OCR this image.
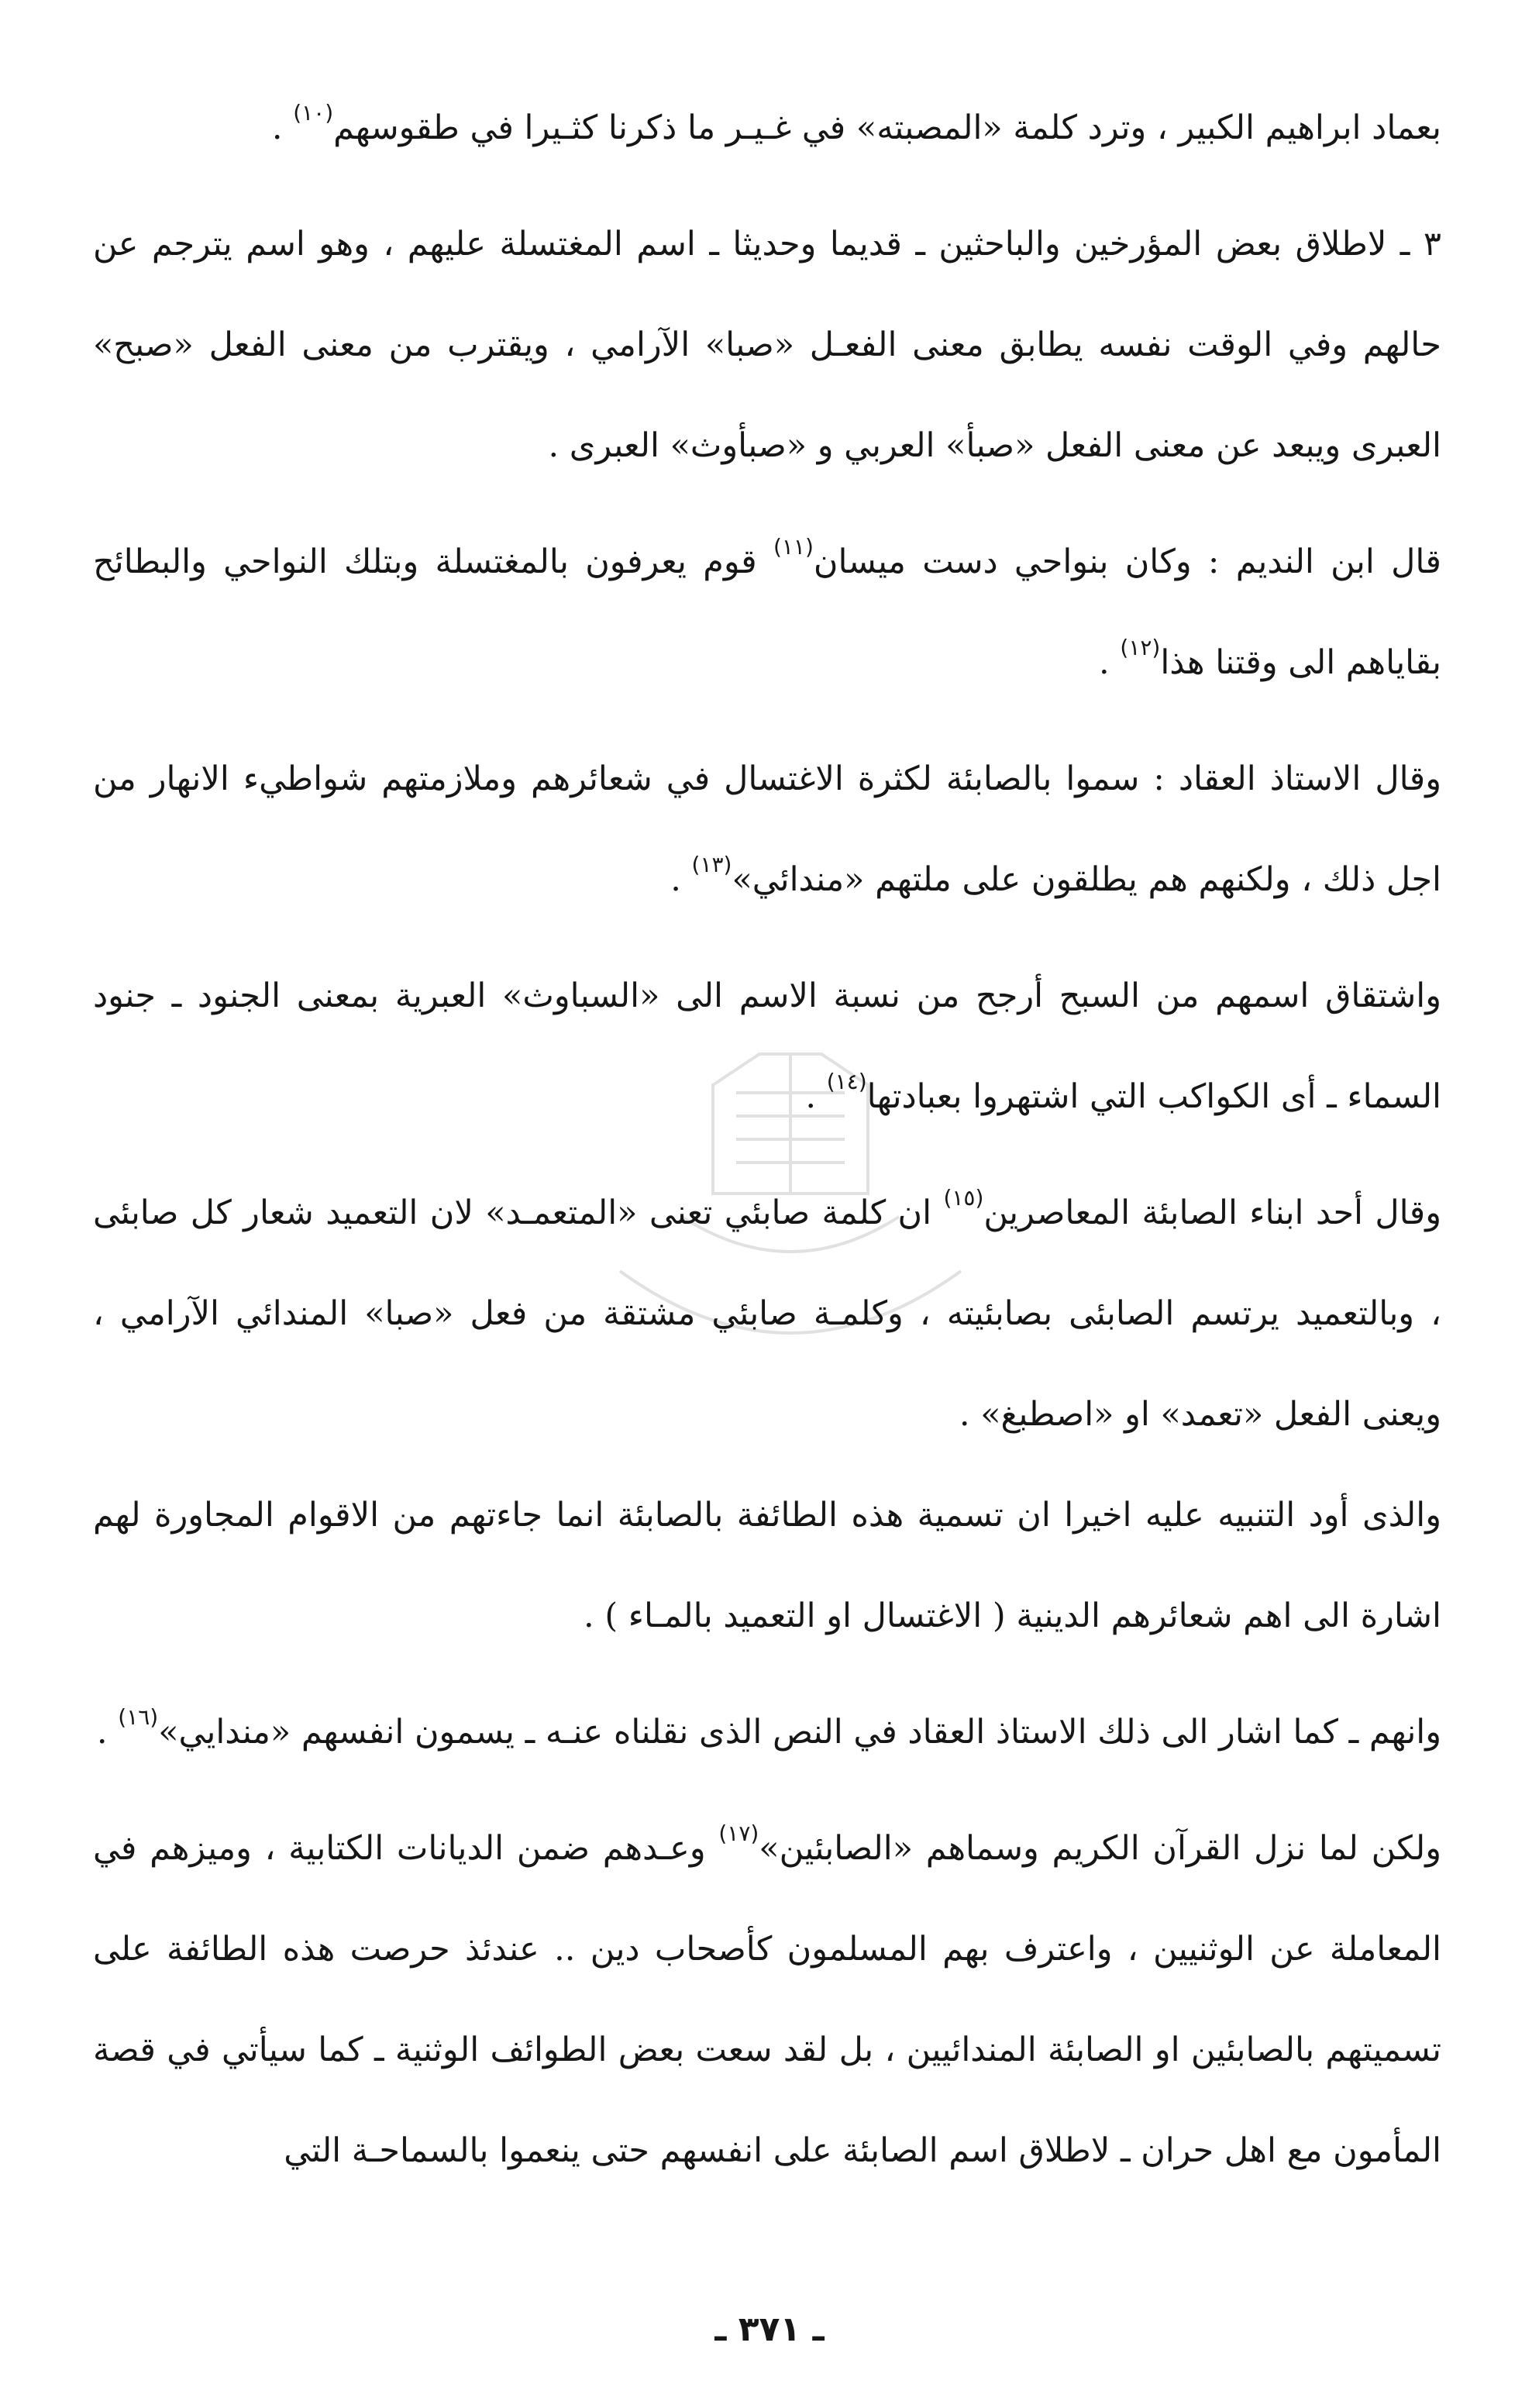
بعماد ابراهيم الكبير ، وترد كلمة «المصبته» في غـيـر ما ذكرنا كثـيرا في طقوسهم$^{(١٠)}$ .

٣ ـ لاطلاق بعض المؤرخين والباحثين ـ قديما وحديثا ـ اسم المغتسلة عليهم ، وهو اسم يترجم عن حالهم وفي الوقت نفسه يطابق معنى الفعـل «صبا» الآرامي ، ويقترب من معنى الفعل «صبح» العبرى ويبعد عن معنى الفعل «صبأ» العربي و «صبأوث» العبرى .

قال ابن النديم : وكان بنواحي دست ميسان$^{(١١)}$ قوم يعرفون بالمغتسلة وبتلك النواحي والبطائح بقاياهم الى وقتنا هذا$^{(١٢)}$ .

وقال الاستاذ العقاد : سموا بالصابئة لكثرة الاغتسال في شعائرهم وملازمتهم شواطيء الانهار من اجل ذلك ، ولكنهم هم يطلقون على ملتهم «مندائي»$^{(١٣)}$ .

واشتقاق اسمهم من السبح أرجح من نسبة الاسم الى «السباوث» العبرية بمعنى الجنود ـ جنود السماء ـ أى الكواكب التي اشتهروا بعبادتها$^{(١٤)}$ .

وقال أحد ابناء الصابئة المعاصرين$^{(١٥)}$ ان كلمة صابئي تعنى «المتعمـد» لان التعميد شعار كل صابئى ، وبالتعميد يرتسم الصابئى بصابئيته ، وكلمـة صابئي مشتقة من فعل «صبا» المندائي الآرامي ، ويعنى الفعل «تعمد» او «اصطبغ» .

والذى أود التنبيه عليه اخيرا ان تسمية هذه الطائفة بالصابئة انما جاءتهم من الاقوام المجاورة لهم اشارة الى اهم شعائرهم الدينية ( الاغتسال او التعميد بالمـاء ) .

وانهم ـ كما اشار الى ذلك الاستاذ العقاد في النص الذى نقلناه عنـه ـ يسمون انفسهم «مندايي»$^{(١٦)}$ .

ولكن لما نزل القرآن الكريم وسماهم «الصابئين»$^{(١٧)}$ وعـدهم ضمن الديانات الكتابية ، وميزهم في المعاملة عن الوثنيين ، واعترف بهم المسلمون كأصحاب دين .. عندئذ حرصت هذه الطائفة على تسميتهم بالصابئين او الصابئة المندائيين ، بل لقد سعت بعض الطوائف الوثنية ـ كما سيأتي في قصة المأمون مع اهل حران ـ لاطلاق اسم الصابئة على انفسهم حتى ينعموا بالسماحـة التي

ـ ٣٧١ ـ
